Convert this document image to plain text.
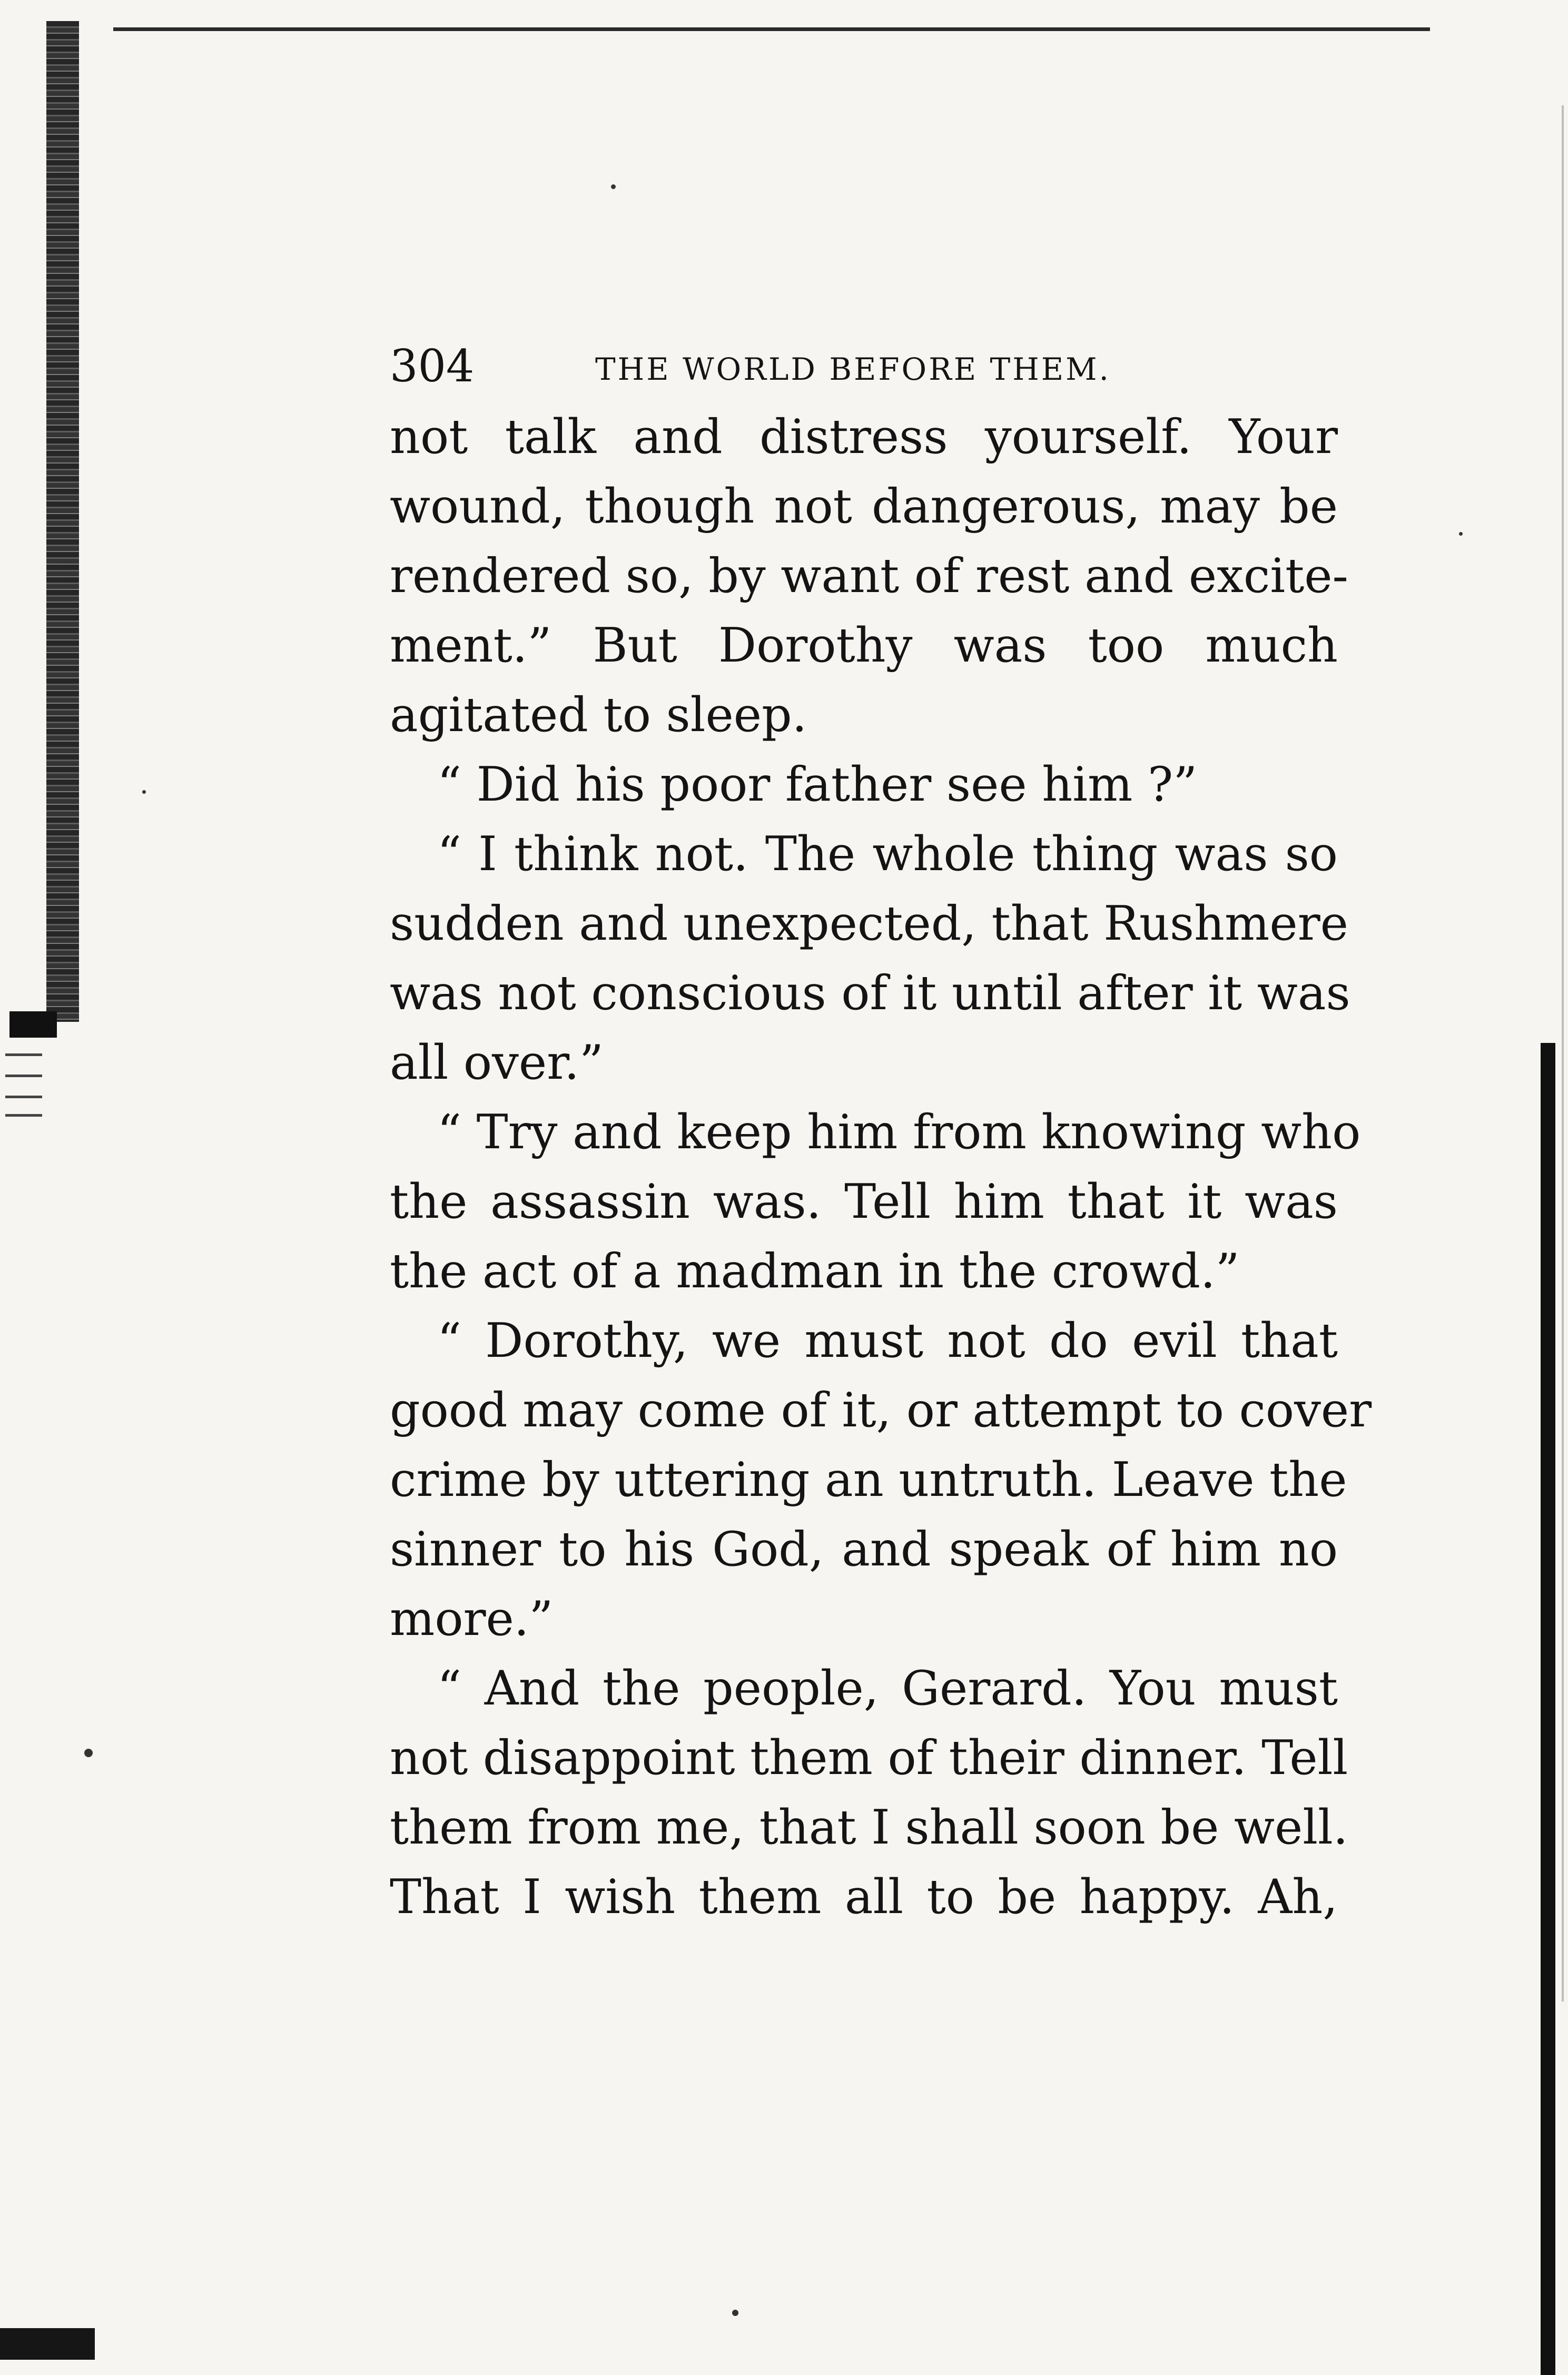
304	THE WORLD BEFORE THEM.
not talk and distress yourself. Your
wound, though not dangerous, may be
rendered so, by want of rest and excite-
ment.” But Dorothy was too much
agitated to sleep.
“ Did his poor father see him ?”
“ I think not. The whole thing was so
sudden and unexpected, that Rushmere
was not conscious of it until after it was
all over.”
“ Try and keep him from knowing who
the assassin was. Tell him that it was
the act of a madman in the crowd.”
“ Dorothy, we must not do evil that
good may come of it, or attempt to cover
crime by uttering an untruth. Leave the
sinner to his God, and speak of him no
more.”
“ And the people, Gerard. You must
not disappoint them of their dinner. Tell
them from me, that I shall soon be well.
That I wish them all to be happy. Ah,
